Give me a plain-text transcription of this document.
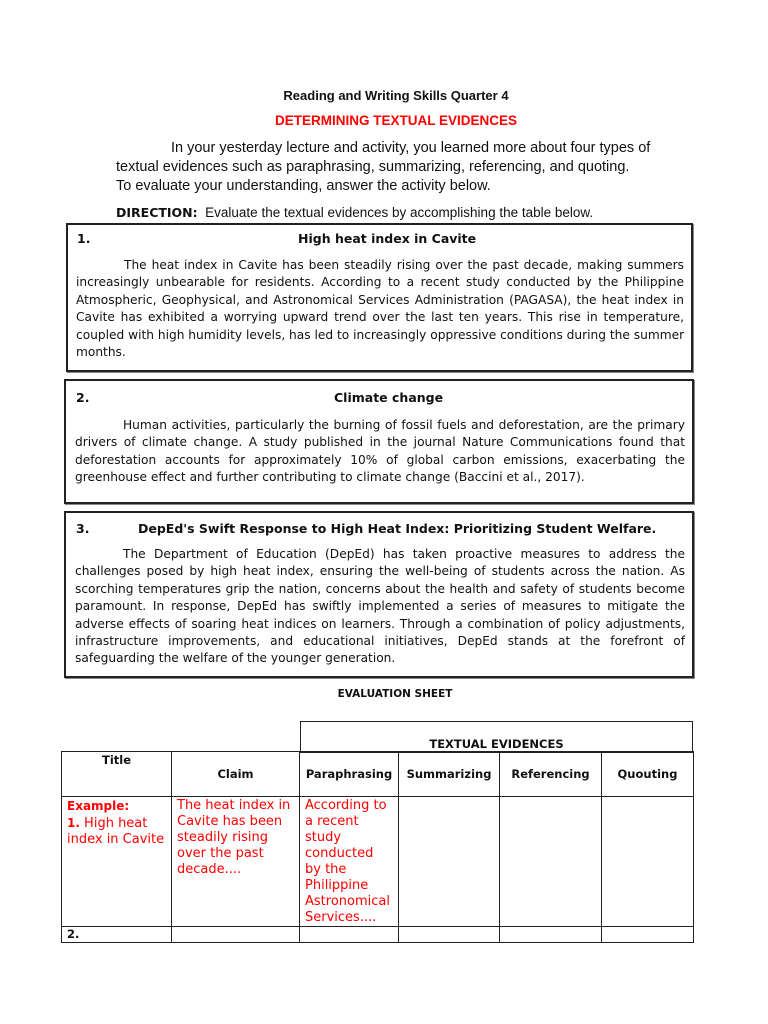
Reading and Writing Skills Quarter 4
DETERMINING TEXTUAL EVIDENCES
In your yesterday lecture and activity, you learned more about four types of
textual evidences such as paraphrasing, summarizing, referencing, and quoting.
To evaluate your understanding, answer the activity below.
DIRECTION: Evaluate the textual evidences by accomplishing the table below.
1.	High heat index in Cavite
The heat index in Cavite has been steadily rising over the past decade, making summers
increasingly unbearable for residents. According to a recent study conducted by the Philippine
Atmospheric, Geophysical, and Astronomical Services Administration (PAGASA), the heat index in
Cavite has exhibited a worrying upward trend over the last ten years. This rise in temperature,
coupled with high humidity levels, has led to increasingly oppressive conditions during the summer
months.
2.	Climate change
Human activities, particularly the burning of fossil fuels and deforestation, are the primary
drivers of climate change. A study published in the journal Nature Communications found that
deforestation accounts for approximately 10% of global carbon emissions, exacerbating the
greenhouse effect and further contributing to climate change (Baccini et al., 2017).
3.	DepEd's Swift Response to High Heat Index: Prioritizing Student Welfare.
The Department of Education (DepEd) has taken proactive measures to address the
challenges posed by high heat index, ensuring the well-being of students across the nation. As
scorching temperatures grip the nation, concerns about the health and safety of students become
paramount. In response, DepEd has swiftly implemented a series of measures to mitigate the
adverse effects of soaring heat indices on learners. Through a combination of policy adjustments,
infrastructure improvements, and educational initiatives, DepEd stands at the forefront of
safeguarding the welfare of the younger generation.
EVALUATION SHEET
TEXTUAL EVIDENCES
Title	Claim	Paraphrasing	Summarizing	Referencing	Quouting
Example:
1. High heat index in Cavite	The heat index in Cavite has been steadily rising over the past decade....	According to a recent study conducted by the Philippine Astronomical Services....			
2.					
